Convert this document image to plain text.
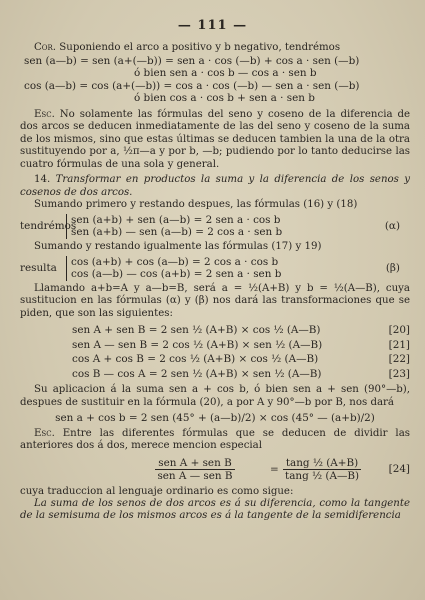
— 111 —

Cor. Suponiendo el arco a positivo y b negativo, tendrémos

sen (a—b) = sen (a+(—b)) = sen a · cos (—b) + cos a · sen (—b)
ó bien sen a · cos b — cos a · sen b
cos (a—b) = cos (a+(—b)) = cos a · cos (—b) — sen a · sen (—b)
ó bien cos a · cos b + sen a · sen b

Esc. No solamente las fórmulas del seno y coseno de la diferencia de dos arcos se deducen inmediatamente de las del seno y coseno de la suma de los mismos, sino que estas últimas se deducen tambien la una de la otra sustituyendo por a, ½π—a y por b, —b; pudiendo por lo tanto deducirse las cuatro fórmulas de una sola y general.

14. Transformar en productos la suma y la diferencia de los senos y cosenos de dos arcos.

Sumando primero y restando despues, las fórmulas (16) y (18)

tendrémos
sen (a+b) + sen (a—b) = 2 sen a · cos b
sen (a+b) — sen (a—b) = 2 cos a · sen b	(α)

Sumando y restando igualmente las fórmulas (17) y 19)

resulta
cos (a+b) + cos (a—b) = 2 cos a · cos b
cos (a—b) — cos (a+b) = 2 sen a · sen b	(β)

Llamando a+b=A y a—b=B, será a = ½(A+B) y b = ½(A—B), cuya sustitucion en las fórmulas (α) y (β) nos dará las transformaciones que se piden, que son las siguientes:

sen A + sen B = 2 sen ½ (A+B) × cos ½ (A—B)	[20]
sen A — sen B = 2 cos ½ (A+B) × sen ½ (A—B)	[21]
cos A + cos B = 2 cos ½ (A+B) × cos ½ (A—B)	[22]
cos B — cos A = 2 sen ½ (A+B) × sen ½ (A—B)	[23]

Su aplicacion á la suma sen a + cos b, ó bien sen a + sen (90°—b), despues de sustituir en la fórmula (20), a por A y 90°—b por B, nos dará

sen a + cos b = 2 sen (45° + (a—b)/2) × cos (45° — (a+b)/2)

Esc. Entre las diferentes fórmulas que se deducen de dividir las anteriores dos á dos, merece mencion especial

$\frac{\text{sen A + sen B}}{\text{sen A — sen B}} = \frac{\text{tang ½ (A+B)}}{\text{tang ½ (A—B)}}$	[24]

cuya traduccion al lenguaje ordinario es como sigue:

La suma de los senos de dos arcos es á su diferencia, como la tangente de la semisuma de los mismos arcos es á la tangente de la semidiferencia
